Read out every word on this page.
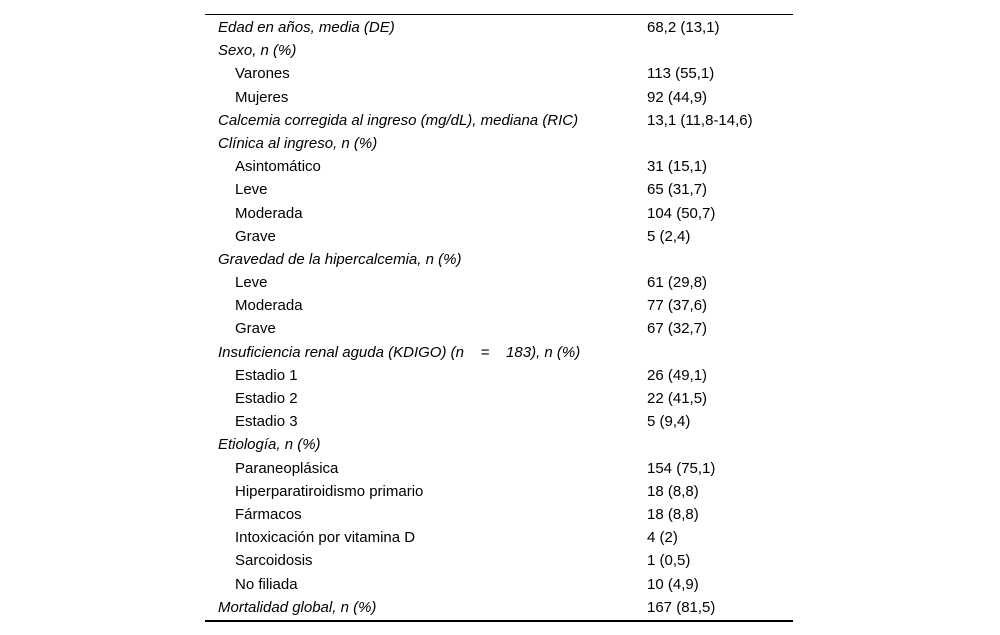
Edad en años, media (DE)	68,2 (13,1)
Sexo, n (%)
Varones	113 (55,1)
Mujeres	92 (44,9)
Calcemia corregida al ingreso (mg/dL), mediana (RIC)	13,1 (11,8-14,6)
Clínica al ingreso, n (%)
Asintomático	31 (15,1)
Leve	65 (31,7)
Moderada	104 (50,7)
Grave	5 (2,4)
Gravedad de la hipercalcemia, n (%)
Leve	61 (29,8)
Moderada	77 (37,6)
Grave	67 (32,7)
Insuficiencia renal aguda (KDIGO) (n    =    183), n (%)
Estadio 1	26 (49,1)
Estadio 2	22 (41,5)
Estadio 3	5 (9,4)
Etiología, n (%)
Paraneoplásica	154 (75,1)
Hiperparatiroidismo primario	18 (8,8)
Fármacos	18 (8,8)
Intoxicación por vitamina D	4 (2)
Sarcoidosis	1 (0,5)
No filiada	10 (4,9)
Mortalidad global, n (%)	167 (81,5)
